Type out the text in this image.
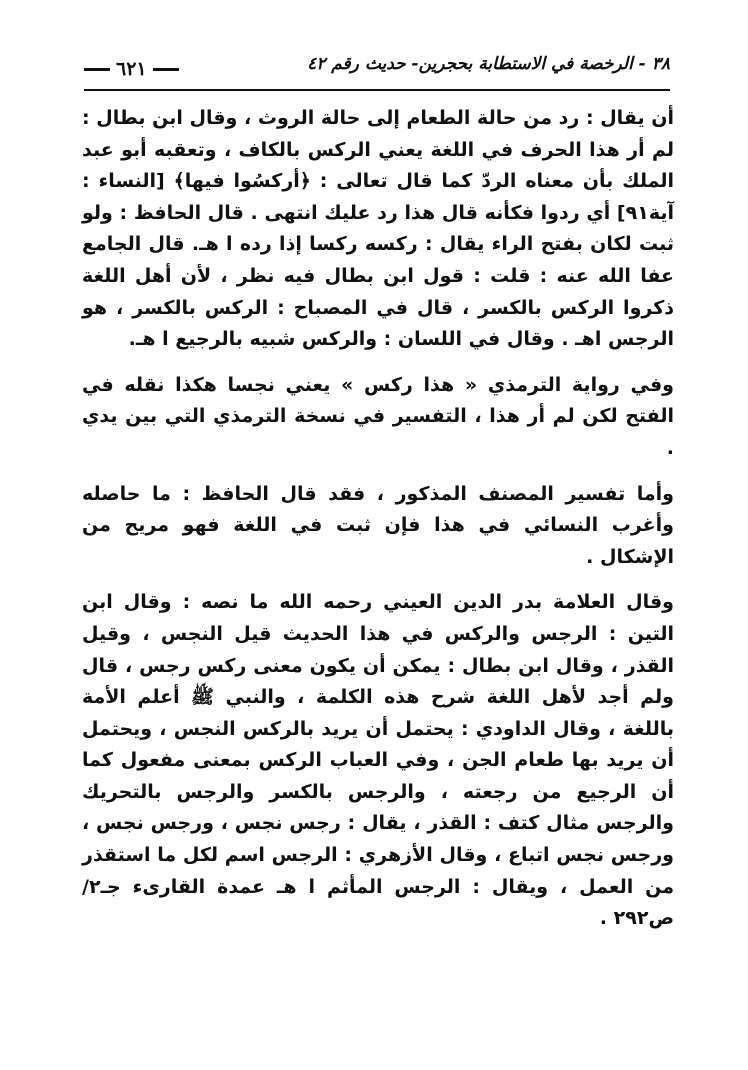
٣٨ - الرخصة في الاستطابة بحجرين- حديث رقم ٤٢
٦٢١

أن يقال : رد من حالة الطعام إلى حالة الروث ، وقال ابن بطال : لم أر هذا الحرف في اللغة يعني الركس بالكاف ، وتعقبه أبو عبد الملك بأن معناه الردّ كما قال تعالى : ﴿أركسُوا فيها﴾ [النساء : آية٩١] أي ردوا فكأنه قال هذا رد عليك انتهى . قال الحافظ : ولو ثبت لكان بفتح الراء يقال : ركسه ركسا إذا رده ا هـ. قال الجامع عفا الله عنه : قلت : قول ابن بطال فيه نظر ، لأن أهل اللغة ذكروا الركس بالكسر ، قال في المصباح : الركس بالكسر ، هو الرجس اهـ . وقال في اللسان : والركس شبيه بالرجيع ا هـ.

وفي رواية الترمذي « هذا ركس » يعني نجسا هكذا نقله في الفتح لكن لم أر هذا ، التفسير في نسخة الترمذي التي بين يدي .

وأما تفسير المصنف المذكور ، فقد قال الحافظ : ما حاصله وأغرب النسائي في هذا فإن ثبت في اللغة فهو مريح من الإشكال .

وقال العلامة بدر الدين العيني رحمه الله ما نصه : وقال ابن التين : الرجس والركس في هذا الحديث قيل النجس ، وقيل القذر ، وقال ابن بطال : يمكن أن يكون معنى ركس رجس ، قال ولم أجد لأهل اللغة شرح هذه الكلمة ، والنبي ﷺ أعلم الأمة باللغة ، وقال الداودي : يحتمل أن يريد بالركس النجس ، ويحتمل أن يريد بها طعام الجن ، وفي العباب الركس بمعنى مفعول كما أن الرجيع من رجعته ، والرجس بالكسر والرجس بالتحريك والرجس مثال كتف : القذر ، يقال : رجس نجس ، ورجس نجس ، ورجس نجس اتباع ، وقال الأزهري : الرجس اسم لكل ما استقذر من العمل ، ويقال : الرجس المأثم ا هـ عمدة القارىء جـ٢/ ص٢٩٢ .
